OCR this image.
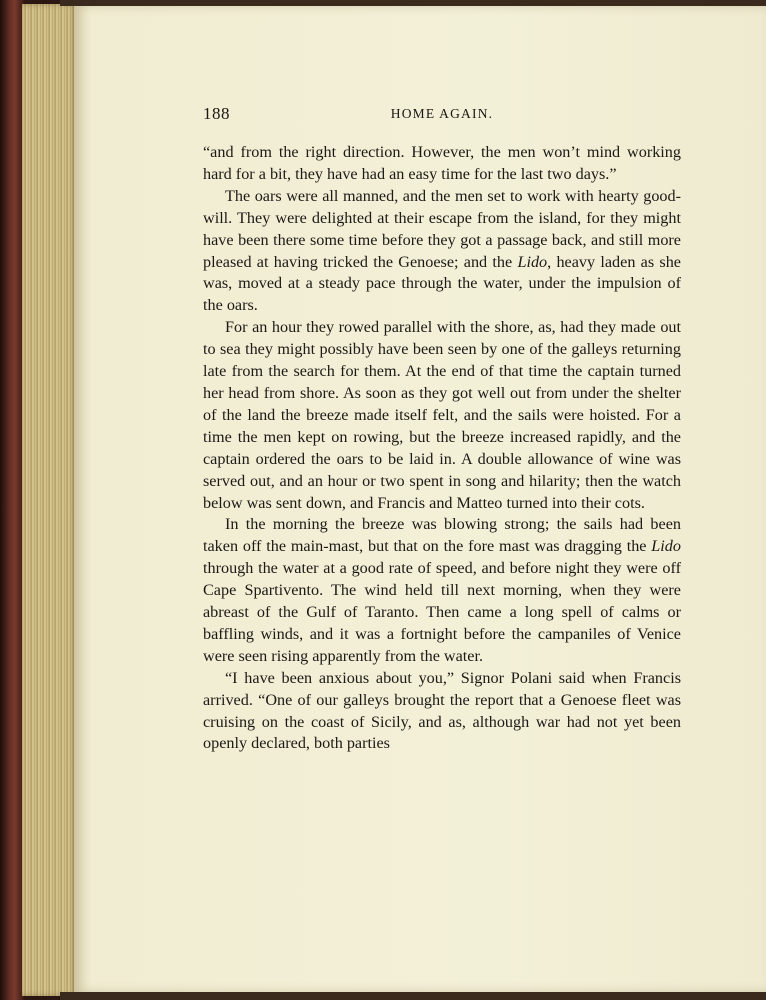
188	HOME AGAIN.

“and from the right direction. However, the men won’t mind working hard for a bit, they have had an easy time for the last two days.”

The oars were all manned, and the men set to work with hearty good-will. They were delighted at their escape from the island, for they might have been there some time before they got a passage back, and still more pleased at having tricked the Genoese; and the Lido, heavy laden as she was, moved at a steady pace through the water, under the impulsion of the oars.

For an hour they rowed parallel with the shore, as, had they made out to sea they might possibly have been seen by one of the galleys returning late from the search for them. At the end of that time the captain turned her head from shore. As soon as they got well out from under the shelter of the land the breeze made itself felt, and the sails were hoisted. For a time the men kept on rowing, but the breeze increased rapidly, and the captain ordered the oars to be laid in. A double allowance of wine was served out, and an hour or two spent in song and hilarity; then the watch below was sent down, and Francis and Matteo turned into their cots.

In the morning the breeze was blowing strong; the sails had been taken off the main-mast, but that on the fore mast was dragging the Lido through the water at a good rate of speed, and before night they were off Cape Spartivento. The wind held till next morning, when they were abreast of the Gulf of Taranto. Then came a long spell of calms or baffling winds, and it was a fortnight before the campaniles of Venice were seen rising apparently from the water.

“I have been anxious about you,” Signor Polani said when Francis arrived. “One of our galleys brought the report that a Genoese fleet was cruising on the coast of Sicily, and as, although war had not yet been openly declared, both parties
